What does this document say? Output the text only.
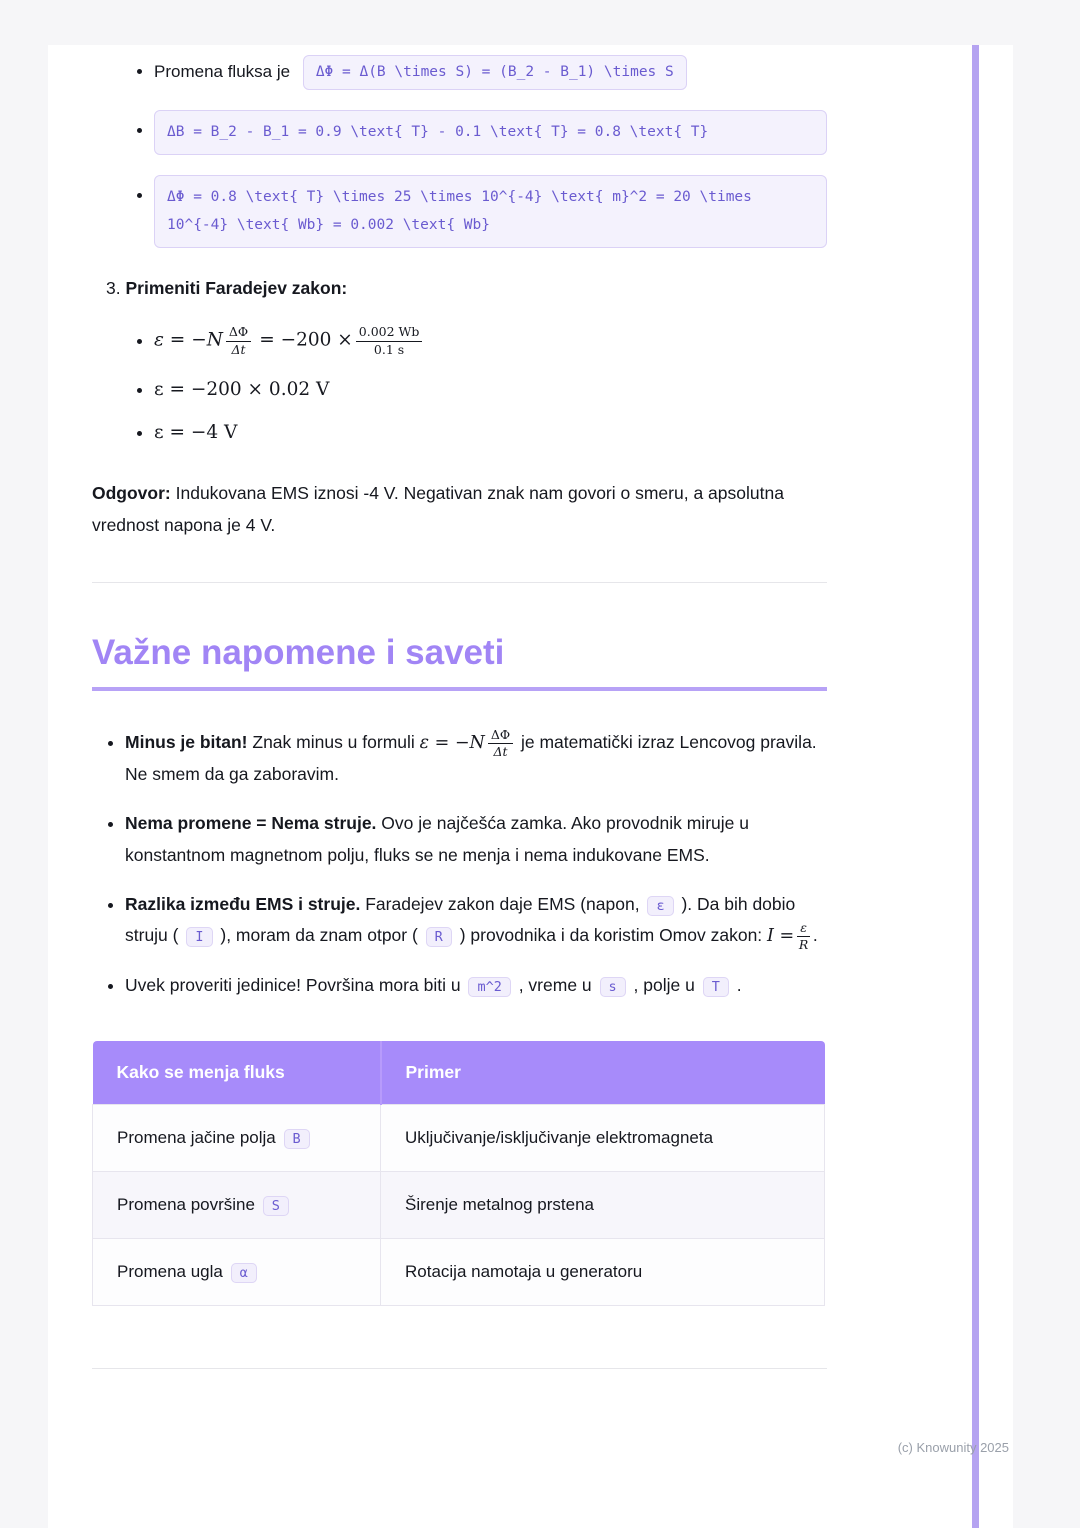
• Promena fluksa je ΔΦ = Δ(B \times S) = (B_2 - B_1) \times S
• ΔB = B_2 - B_1 = 0.9 \text{ T} - 0.1 \text{ T} = 0.8 \text{ T}
• ΔΦ = 0.8 \text{ T} \times 25 \times 10^{-4} \text{ m}^2 = 20 \times 10^{-4} \text{ Wb} = 0.002 \text{ Wb}
3. Primeniti Faradejev zakon:
• $\varepsilon = -N \frac{\Delta\Phi}{\Delta t} = -200 \times \frac{0.002 Wb}{0.1 s}$
• ε = −200 × 0.02 V
• ε = −4 V

Odgovor: Indukovana EMS iznosi -4 V. Negativan znak nam govori o smeru, a apsolutna vrednost napona je 4 V.

Važne napomene i saveti
• Minus je bitan! Znak minus u formuli $\varepsilon = -N \frac{\Delta\Phi}{\Delta t}$ je matematički izraz Lencovog pravila. Ne smem da ga zaboravim.
• Nema promene = Nema struje. Ovo je najčešća zamka. Ako provodnik miruje u konstantnom magnetnom polju, fluks se ne menja i nema indukovane EMS.
• Razlika između EMS i struje. Faradejev zakon daje EMS (napon, ε ). Da bih dobio struju ( I ), moram da znam otpor ( R ) provodnika i da koristim Omov zakon: $I = \frac{\varepsilon}{R}$ .
• Uvek proveriti jedinice! Površina mora biti u m^2 , vreme u s , polje u T .
Kako se menja fluks	Primer
Promena jačine polja B	Uključivanje/isključivanje elektromagneta
Promena površine S	Širenje metalnog prstena
Promena ugla α	Rotacija namotaja u generatoru
(c) Knowunity 2025
